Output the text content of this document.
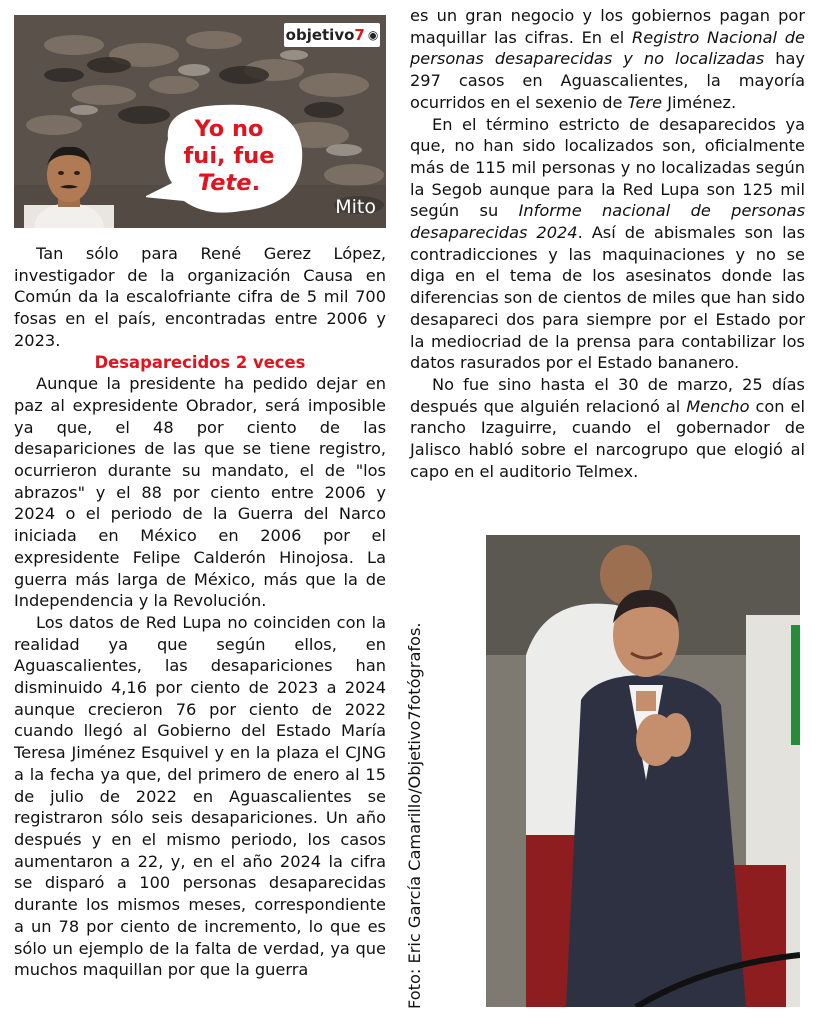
objetivo 7 ◉
Yo no
fui, fue
Tete.
Mito

Tan sólo para René Gerez López, investigador de la organización Causa en Común da la escalofriante cifra de 5 mil 700 fosas en el país, encontradas entre 2006 y 2023.

Desaparecidos 2 veces

Aunque la presidente ha pedido dejar en paz al expresidente Obrador, será imposible ya que, el 48 por ciento de las desapariciones de las que se tiene registro, ocurrieron durante su mandato, el de "los abrazos" y el 88 por ciento entre 2006 y 2024 o el periodo de la Guerra del Narco iniciada en México en 2006 por el expresidente Felipe Calderón Hinojosa. La guerra más larga de México, más que la de Independencia y la Revolución.

Los datos de Red Lupa no coinciden con la realidad ya que según ellos, en Aguascalientes, las desapariciones han disminuido 4,16 por ciento de 2023 a 2024 aunque crecieron 76 por ciento de 2022 cuando llegó al Gobierno del Estado María Teresa Jiménez Esquivel y en la plaza el CJNG a la fecha ya que, del primero de enero al 15 de julio de 2022 en Aguascalientes se registraron sólo seis desapariciones. Un año después y en el mismo periodo, los casos aumentaron a 22, y, en el año 2024 la cifra se disparó a 100 personas desaparecidas durante los mismos meses, correspondiente a un 78 por ciento de incremento, lo que es sólo un ejemplo de la falta de verdad, ya que muchos maquillan por que la guerra

es un gran negocio y los gobiernos pagan por maquillar las cifras. En el Registro Nacional de personas desaparecidas y no localizadas hay 297 casos en Aguascalientes, la mayoría ocurridos en el sexenio de Tere Jiménez.

En el término estricto de desaparecidos ya que, no han sido localizados son, oficialmente más de 115 mil personas y no localizadas según la Segob aunque para la Red Lupa son 125 mil según su Informe nacional de personas desaparecidas 2024. Así de abismales son las contradicciones y las maquinaciones y no se diga en el tema de los asesinatos donde las diferencias son de cientos de miles que han sido desapareci dos para siempre por el Estado por la mediocriad de la prensa para contabilizar los datos rasurados por el Estado bananero.

No fue sino hasta el 30 de marzo, 25 días después que alguién relacionó al Mencho con el rancho Izaguirre, cuando el gobernador de Jalisco habló sobre el narcogrupo que elogió al capo en el auditorio Telmex.

Foto: Eric García Camarillo/Objetivo7fotógrafos.
